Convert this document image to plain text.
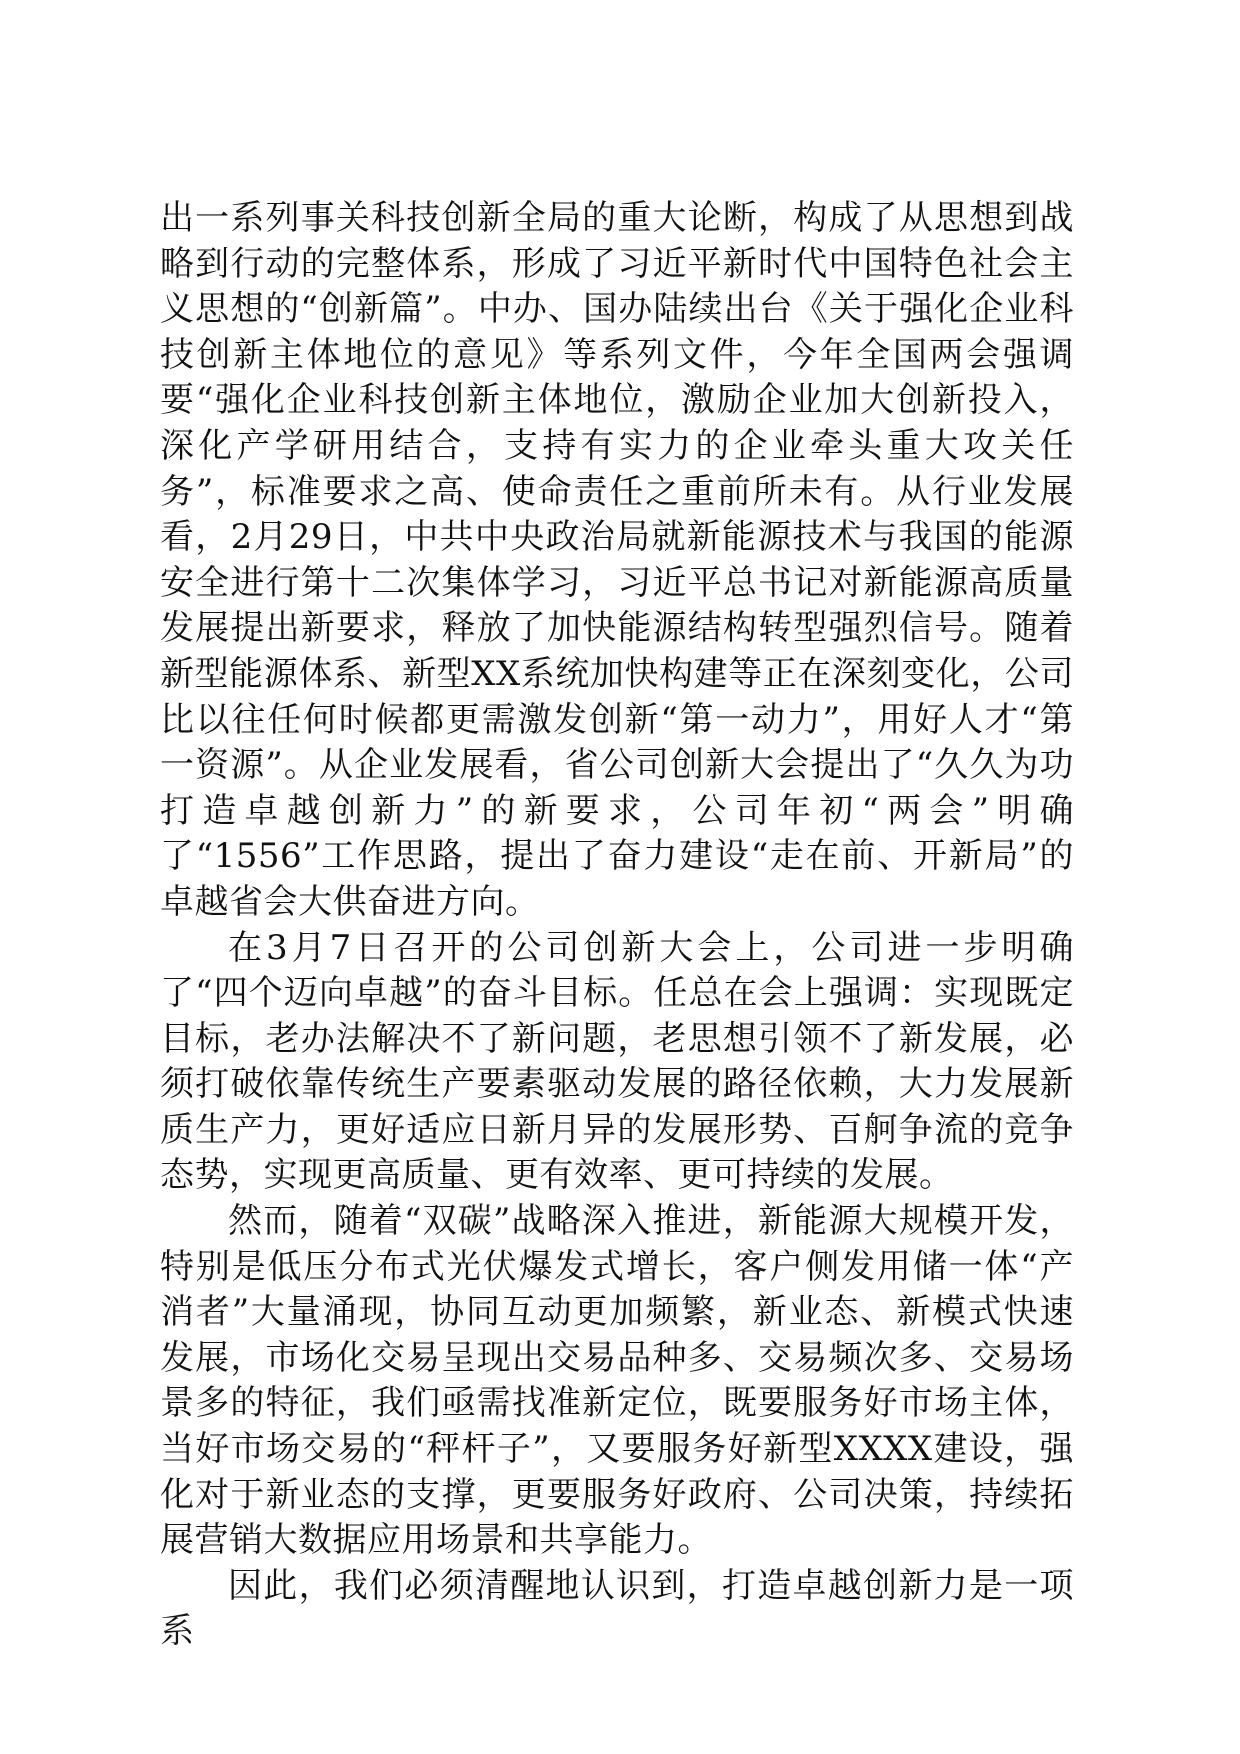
出一系列事关科技创新全局的重大论断，构成了从思想到战略到行动的完整体系，形成了习近平新时代中国特色社会主义思想的“创新篇”。中办、国办陆续出台《关于强化企业科技创新主体地位的意见》等系列文件，今年全国两会强调要“强化企业科技创新主体地位，激励企业加大创新投入，深化产学研用结合，支持有实力的企业牵头重大攻关任务”，标准要求之高、使命责任之重前所未有。从行业发展看，2月29日，中共中央政治局就新能源技术与我国的能源安全进行第十二次集体学习，习近平总书记对新能源高质量发展提出新要求，释放了加快能源结构转型强烈信号。随着新型能源体系、新型XX系统加快构建等正在深刻变化，公司比以往任何时候都更需激发创新“第一动力”，用好人才“第一资源”。从企业发展看，省公司创新大会提出了“久久为功打造卓越创新力”的新要求，公司年初“两会”明确了“1556”工作思路，提出了奋力建设“走在前、开新局”的卓越省会大供奋进方向。

在3月7日召开的公司创新大会上，公司进一步明确了“四个迈向卓越”的奋斗目标。任总在会上强调：实现既定目标，老办法解决不了新问题，老思想引领不了新发展，必须打破依靠传统生产要素驱动发展的路径依赖，大力发展新质生产力，更好适应日新月异的发展形势、百舸争流的竞争态势，实现更高质量、更有效率、更可持续的发展。

然而，随着“双碳”战略深入推进，新能源大规模开发，特别是低压分布式光伏爆发式增长，客户侧发用储一体“产消者”大量涌现，协同互动更加频繁，新业态、新模式快速发展，市场化交易呈现出交易品种多、交易频次多、交易场景多的特征，我们亟需找准新定位，既要服务好市场主体，当好市场交易的“秤杆子”，又要服务好新型XXXX建设，强化对于新业态的支撑，更要服务好政府、公司决策，持续拓展营销大数据应用场景和共享能力。

因此，我们必须清醒地认识到，打造卓越创新力是一项系
